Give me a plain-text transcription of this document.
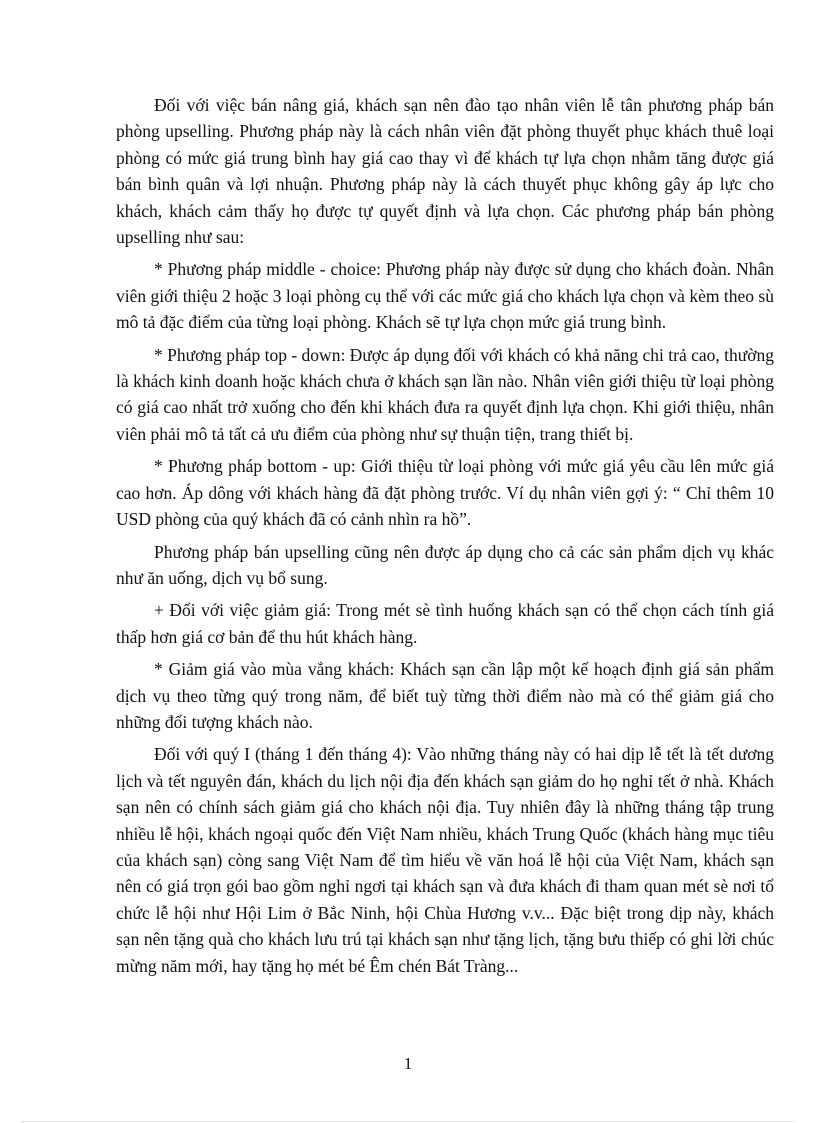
Đối với việc bán nâng giá, khách sạn nên đào tạo nhân viên lễ tân phương pháp bán phòng upselling. Phương pháp này là cách nhân viên đặt phòng thuyết phục khách thuê loại phòng có mức giá trung bình hay giá cao thay vì để khách tự lựa chọn nhằm tăng được giá bán bình quân và lợi nhuận. Phương pháp này là cách thuyết phục không gây áp lực cho khách, khách cảm thấy họ được tự quyết định và lựa chọn. Các phương pháp bán phòng upselling như sau:

* Phương pháp middle - choice: Phương pháp này được sử dụng cho khách đoàn. Nhân viên giới thiệu 2 hoặc 3 loại phòng cụ thể với các mức giá cho khách lựa chọn và kèm theo sù mô tả đặc điểm của từng loại phòng. Khách sẽ tự lựa chọn mức giá trung bình.

* Phương pháp top - down: Được áp dụng đối với khách có khả năng chi trả cao, thường là khách kinh doanh hoặc khách chưa ở khách sạn lần nào. Nhân viên giới thiệu từ loại phòng có giá cao nhất trở xuống cho đến khi khách đưa ra quyết định lựa chọn. Khi giới thiệu, nhân viên phải mô tả tất cả ưu điểm của phòng như sự thuận tiện, trang thiết bị.

* Phương pháp bottom - up: Giới thiệu từ loại phòng với mức giá yêu cầu lên mức giá cao hơn. Áp dông với khách hàng đã đặt phòng trước. Ví dụ nhân viên gợi ý: “ Chỉ thêm 10 USD phòng của quý khách đã có cảnh nhìn ra hồ”.

Phương pháp bán upselling cũng nên được áp dụng cho cả các sản phẩm dịch vụ khác như ăn uống, dịch vụ bổ sung.

+ Đối với việc giảm giá: Trong mét sè tình huống khách sạn có thể chọn cách tính giá thấp hơn giá cơ bản để thu hút khách hàng.

* Giảm giá vào mùa vắng khách: Khách sạn cần lập một kế hoạch định giá sản phẩm dịch vụ theo từng quý trong năm, để biết tuỳ từng thời điểm nào mà có thể giảm giá cho những đối tượng khách nào.

Đối với quý I (tháng 1 đến tháng 4): Vào những tháng này có hai dịp lễ tết là tết dương lịch và tết nguyên đán, khách du lịch nội địa đến khách sạn giảm do họ nghỉ tết ở nhà. Khách sạn nên có chính sách giảm giá cho khách nội địa. Tuy nhiên đây là những tháng tập trung nhiều lễ hội, khách ngoại quốc đến Việt Nam nhiều, khách Trung Quốc (khách hàng mục tiêu của khách sạn) còng sang Việt Nam để tìm hiểu về văn hoá lễ hội của Việt Nam, khách sạn nên có giá trọn gói bao gồm nghỉ ngơi tại khách sạn và đưa khách đi tham quan mét sè nơi tổ chức lễ hội như Hội Lim ở Bắc Ninh, hội Chùa Hương v.v... Đặc biệt trong dịp này, khách sạn nên tặng quà cho khách lưu trú tại khách sạn như tặng lịch, tặng bưu thiếp có ghi lời chúc mừng năm mới, hay tặng họ mét bé Êm chén Bát Tràng...

1
